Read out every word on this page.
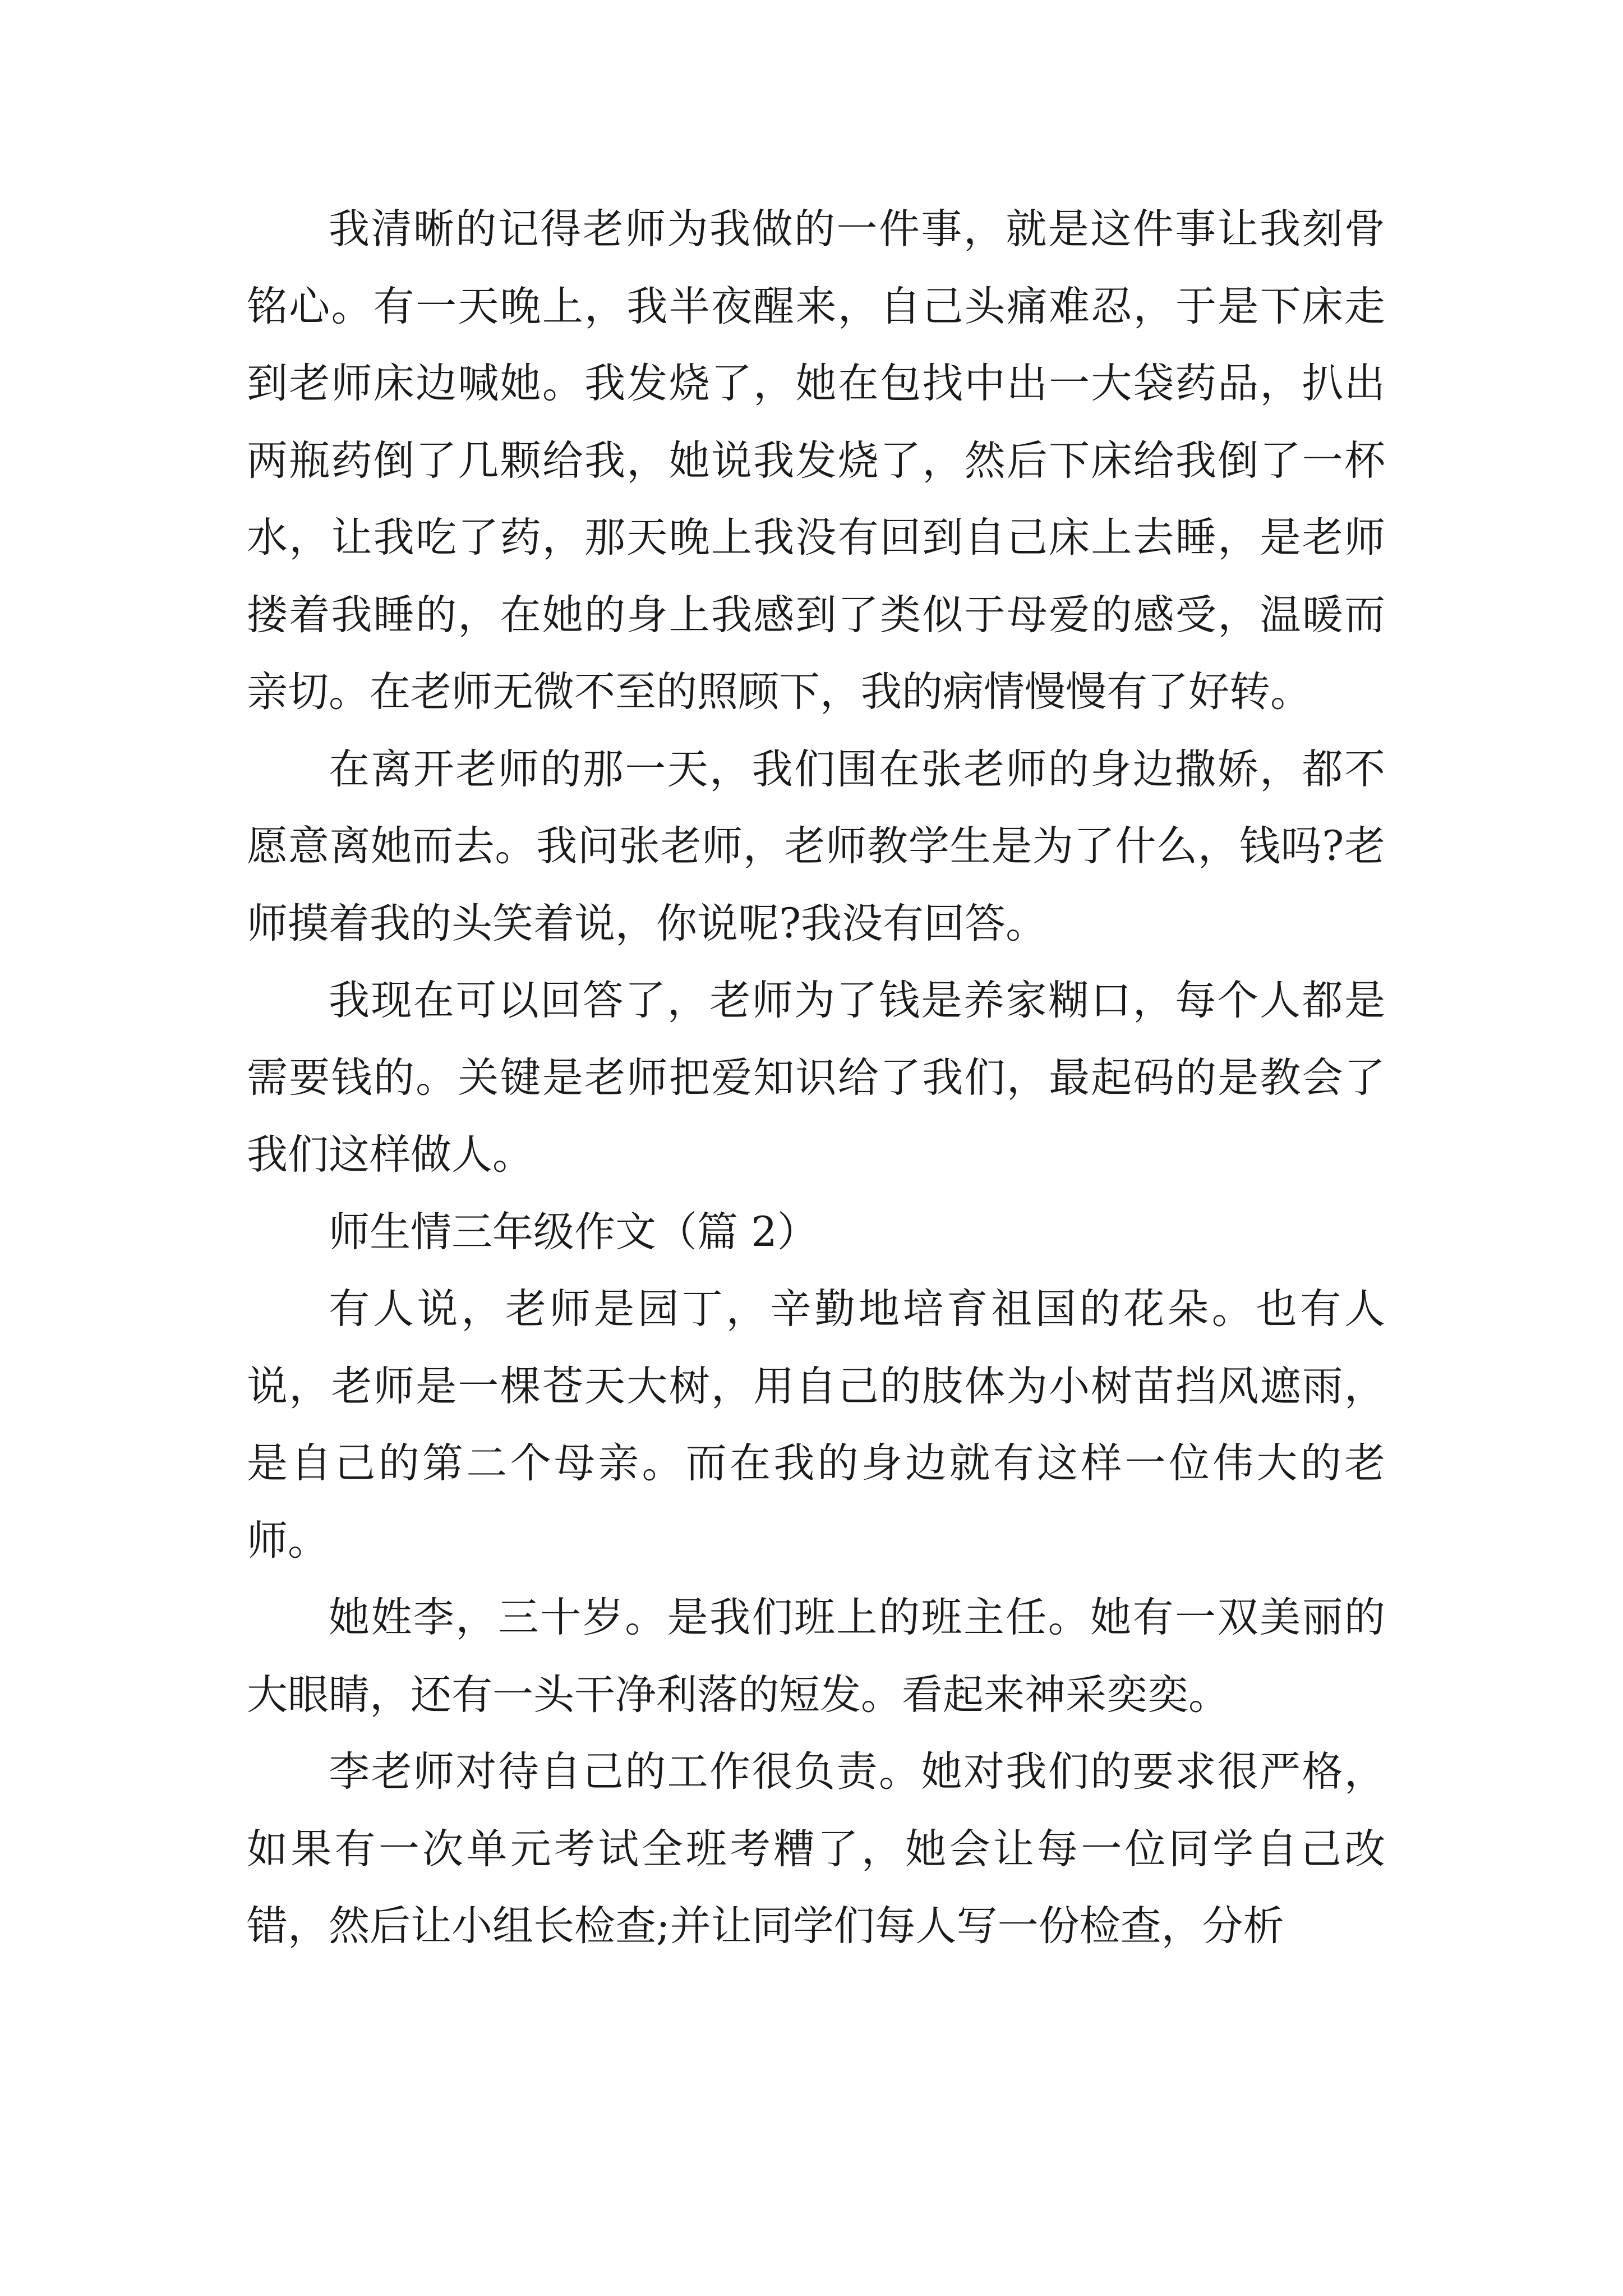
我清晰的记得老师为我做的一件事，就是这件事让我刻骨铭心。有一天晚上，我半夜醒来，自己头痛难忍，于是下床走到老师床边喊她。我发烧了，她在包找中出一大袋药品，扒出两瓶药倒了几颗给我，她说我发烧了，然后下床给我倒了一杯水，让我吃了药，那天晚上我没有回到自己床上去睡，是老师搂着我睡的，在她的身上我感到了类似于母爱的感受，温暖而亲切。在老师无微不至的照顾下，我的病情慢慢有了好转。

在离开老师的那一天，我们围在张老师的身边撒娇，都不愿意离她而去。我问张老师，老师教学生是为了什么，钱吗?老师摸着我的头笑着说，你说呢?我没有回答。

我现在可以回答了，老师为了钱是养家糊口，每个人都是需要钱的。关键是老师把爱知识给了我们，最起码的是教会了我们这样做人。

师生情三年级作文（篇 2）

有人说，老师是园丁，辛勤地培育祖国的花朵。也有人说，老师是一棵苍天大树，用自己的肢体为小树苗挡风遮雨，是自己的第二个母亲。而在我的身边就有这样一位伟大的老师。

她姓李，三十岁。是我们班上的班主任。她有一双美丽的大眼睛，还有一头干净利落的短发。看起来神采奕奕。

李老师对待自己的工作很负责。她对我们的要求很严格，如果有一次单元考试全班考糟了，她会让每一位同学自己改错，然后让小组长检查;并让同学们每人写一份检查，分析
